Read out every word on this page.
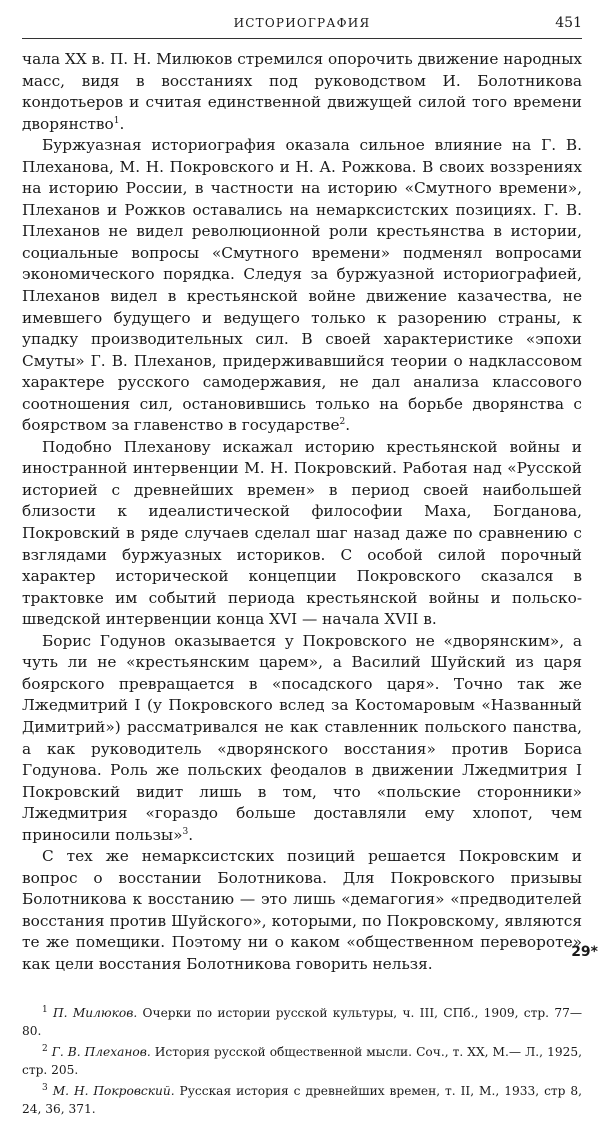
ИСТОРИОГРАФИЯ	451

чала XX в. П. Н. Милюков стремился опорочить движение народных масс, видя в восстаниях под руководством И. Болотникова кондотьеров и считая единственной движущей силой того времени дворянство$^1$.

Буржуазная историография оказала сильное влияние на Г. В. Плеханова, М. Н. Покровского и Н. А. Рожкова. В своих воззрениях на историю России, в частности на историю «Смутного времени», Плеханов и Рожков оставались на немарксистских позициях. Г. В. Плеханов не видел революционной роли крестьянства в истории, социальные вопросы «Смутного времени» подменял вопросами экономического порядка. Следуя за буржуазной историографией, Плеханов видел в крестьянской войне движение казачества, не имевшего будущего и ведущего только к разорению страны, к упадку производительных сил. В своей характеристике «эпохи Смуты» Г. В. Плеханов, придерживавшийся теории о надклассовом характере русского самодержавия, не дал анализа классового соотношения сил, остановившись только на борьбе дворянства с боярством за главенство в государстве$^2$.

Подобно Плеханову искажал историю крестьянской войны и иностранной интервенции М. Н. Покровский. Работая над «Русской историей с древнейших времен» в период своей наибольшей близости к идеалистической философии Маха, Богданова, Покровский в ряде случаев сделал шаг назад даже по сравнению с взглядами буржуазных историков. С особой силой порочный характер исторической концепции Покровского сказался в трактовке им событий периода крестьянской войны и польско-шведской интервенции конца XVI — начала XVII в.

Борис Годунов оказывается у Покровского не «дворянским», а чуть ли не «крестьянским царем», а Василий Шуйский из царя боярского превращается в «посадского царя». Точно так же Лжедмитрий I (у Покровского вслед за Костомаровым «Названный Димитрий») рассматривался не как ставленник польского панства, а как руководитель «дворянского восстания» против Бориса Годунова. Роль же польских феодалов в движении Лжедмитрия I Покровский видит лишь в том, что «польские сторонники» Лжедмитрия «гораздо больше доставляли ему хлопот, чем приносили пользы»$^3$.

С тех же немарксистских позиций решается Покровским и вопрос о восстании Болотникова. Для Покровского призывы Болотникова к восстанию — это лишь «демагогия» «предводителей восстания против Шуйского», которыми, по Покровскому, являются те же помещики. Поэтому ни о каком «общественном перевороте» как цели восстания Болотникова говорить нельзя.

$^1$ П. Милюков. Очерки по истории русской культуры, ч. III, СПб., 1909, стр. 77—80.

$^2$ Г. В. Плеханов. История русской общественной мысли. Соч., т. XX, М.— Л., 1925, стр. 205.

$^3$ М. Н. Покровский. Русская история с древнейших времен, т. II, М., 1933, стр 8, 24, 36, 371.

29*
